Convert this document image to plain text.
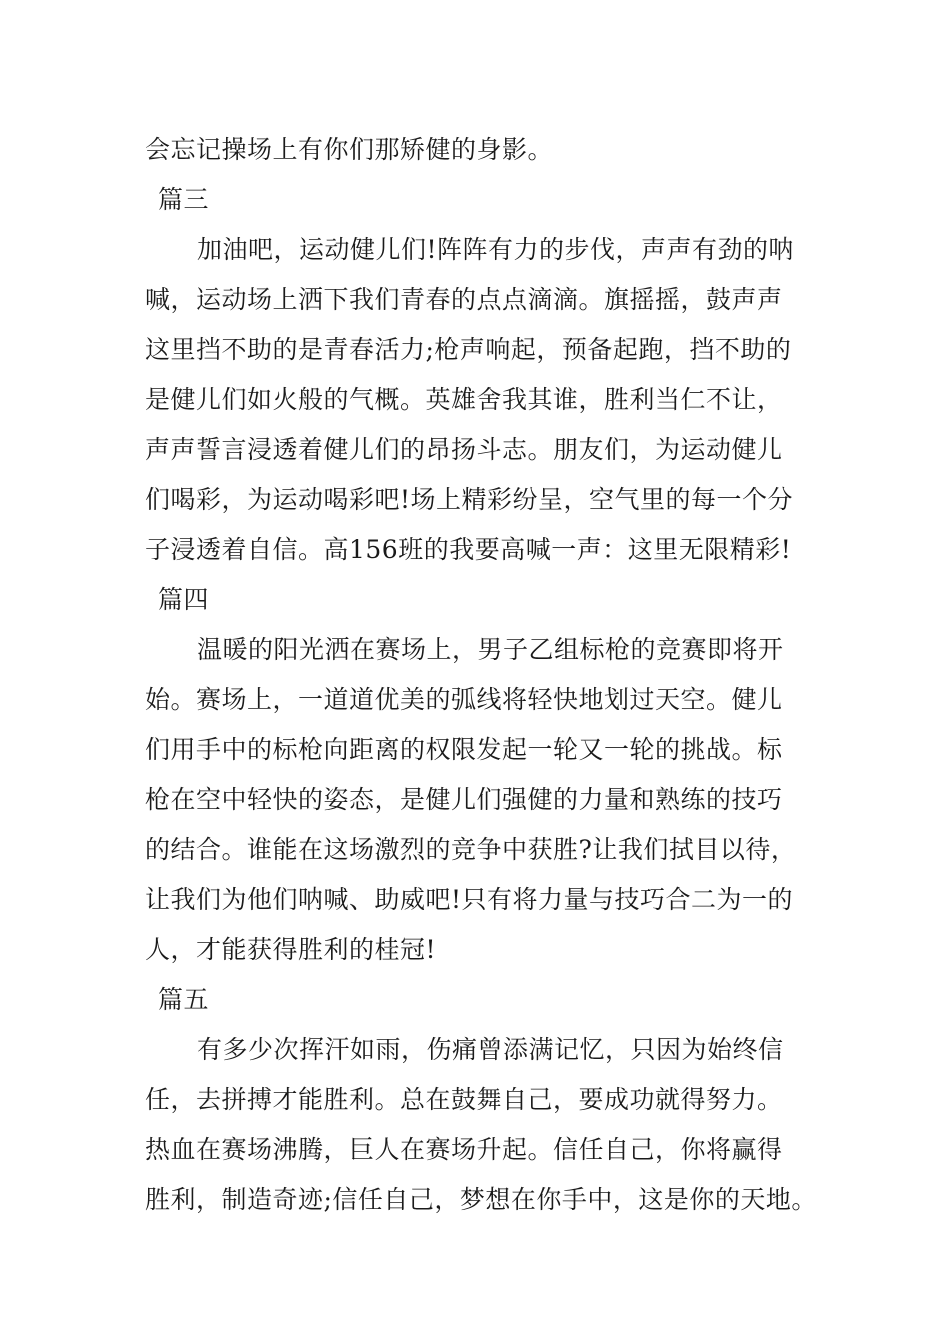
会忘记操场上有你们那矫健的身影。
篇三
加油吧，运动健儿们!阵阵有力的步伐，声声有劲的呐
喊，运动场上洒下我们青春的点点滴滴。旗摇摇，鼓声声
这里挡不助的是青春活力;枪声响起，预备起跑，挡不助的
是健儿们如火般的气概。英雄舍我其谁，胜利当仁不让，
声声誓言浸透着健儿们的昂扬斗志。朋友们，为运动健儿
们喝彩，为运动喝彩吧!场上精彩纷呈，空气里的每一个分
子浸透着自信。高156班的我要高喊一声：这里无限精彩!
篇四
温暖的阳光洒在赛场上，男子乙组标枪的竞赛即将开
始。赛场上，一道道优美的弧线将轻快地划过天空。健儿
们用手中的标枪向距离的权限发起一轮又一轮的挑战。标
枪在空中轻快的姿态，是健儿们强健的力量和熟练的技巧
的结合。谁能在这场激烈的竞争中获胜?让我们拭目以待，
让我们为他们呐喊、助威吧!只有将力量与技巧合二为一的
人，才能获得胜利的桂冠!
篇五
有多少次挥汗如雨，伤痛曾添满记忆，只因为始终信
任，去拼搏才能胜利。总在鼓舞自己，要成功就得努力。
热血在赛场沸腾，巨人在赛场升起。信任自己，你将赢得
胜利，制造奇迹;信任自己，梦想在你手中，这是你的天地。
